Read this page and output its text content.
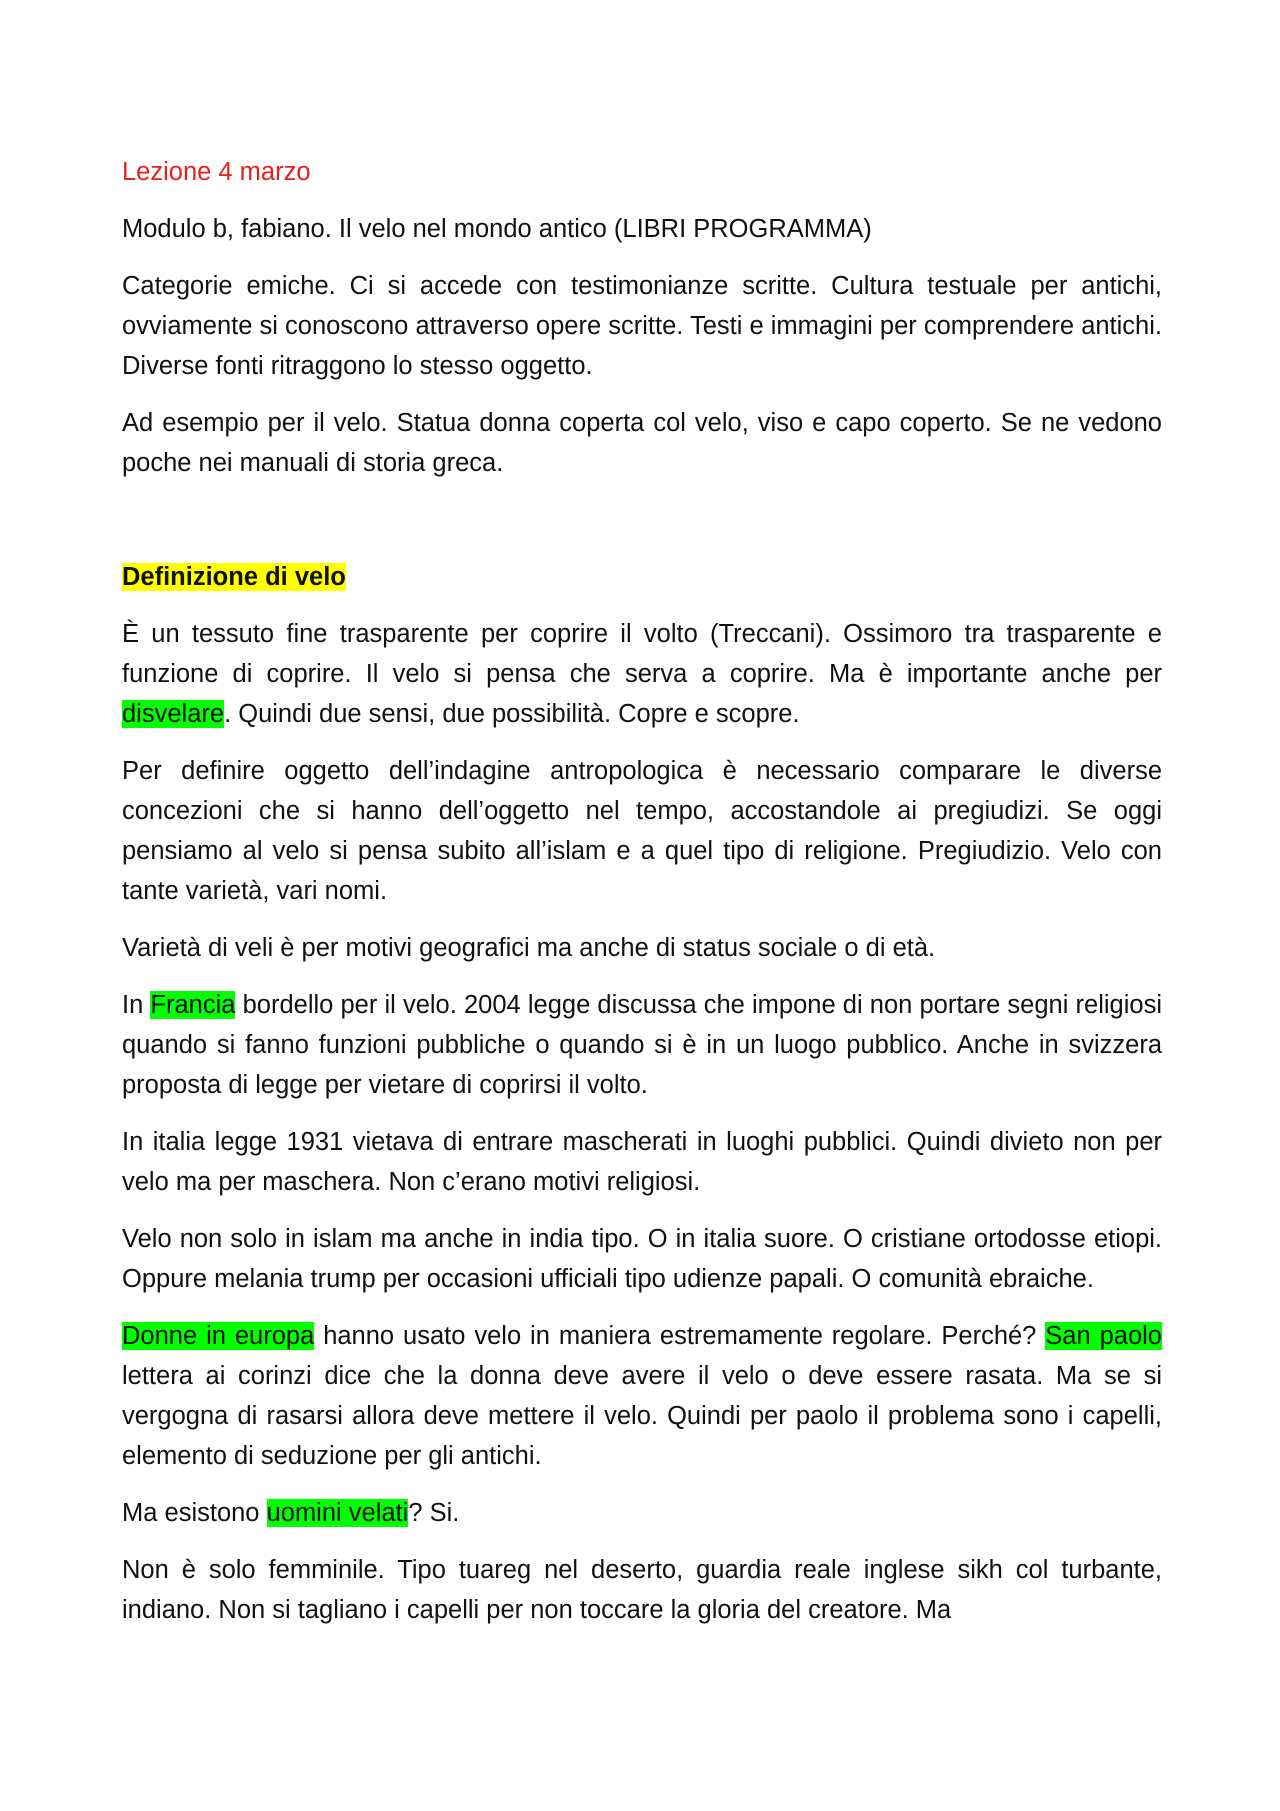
Lezione 4 marzo
Modulo b, fabiano. Il velo nel mondo antico (LIBRI PROGRAMMA)
Categorie emiche. Ci si accede con testimonianze scritte. Cultura testuale per antichi, ovviamente si conoscono attraverso opere scritte. Testi e immagini per comprendere antichi. Diverse fonti ritraggono lo stesso oggetto.
Ad esempio per il velo. Statua donna coperta col velo, viso e capo coperto. Se ne vedono poche nei manuali di storia greca.
Definizione di velo
È un tessuto fine trasparente per coprire il volto (Treccani). Ossimoro tra trasparente e funzione di coprire. Il velo si pensa che serva a coprire. Ma è importante anche per disvelare. Quindi due sensi, due possibilità. Copre e scopre.
Per definire oggetto dell’indagine antropologica è necessario comparare le diverse concezioni che si hanno dell’oggetto nel tempo, accostandole ai pregiudizi. Se oggi pensiamo al velo si pensa subito all’islam e a quel tipo di religione. Pregiudizio. Velo con tante varietà, vari nomi.
Varietà di veli è per motivi geografici ma anche di status sociale o di età.
In Francia bordello per il velo. 2004 legge discussa che impone di non portare segni religiosi quando si fanno funzioni pubbliche o quando si è in un luogo pubblico. Anche in svizzera proposta di legge per vietare di coprirsi il volto.
In italia legge 1931 vietava di entrare mascherati in luoghi pubblici. Quindi divieto non per velo ma per maschera. Non c’erano motivi religiosi.
Velo non solo in islam ma anche in india tipo. O in italia suore. O cristiane ortodosse etiopi. Oppure melania trump per occasioni ufficiali tipo udienze papali. O comunità ebraiche.
Donne in europa hanno usato velo in maniera estremamente regolare. Perché? San paolo lettera ai corinzi dice che la donna deve avere il velo o deve essere rasata. Ma se si vergogna di rasarsi allora deve mettere il velo. Quindi per paolo il problema sono i capelli, elemento di seduzione per gli antichi.
Ma esistono uomini velati? Si.
Non è solo femminile. Tipo tuareg nel deserto, guardia reale inglese sikh col turbante, indiano. Non si tagliano i capelli per non toccare la gloria del creatore. Ma
